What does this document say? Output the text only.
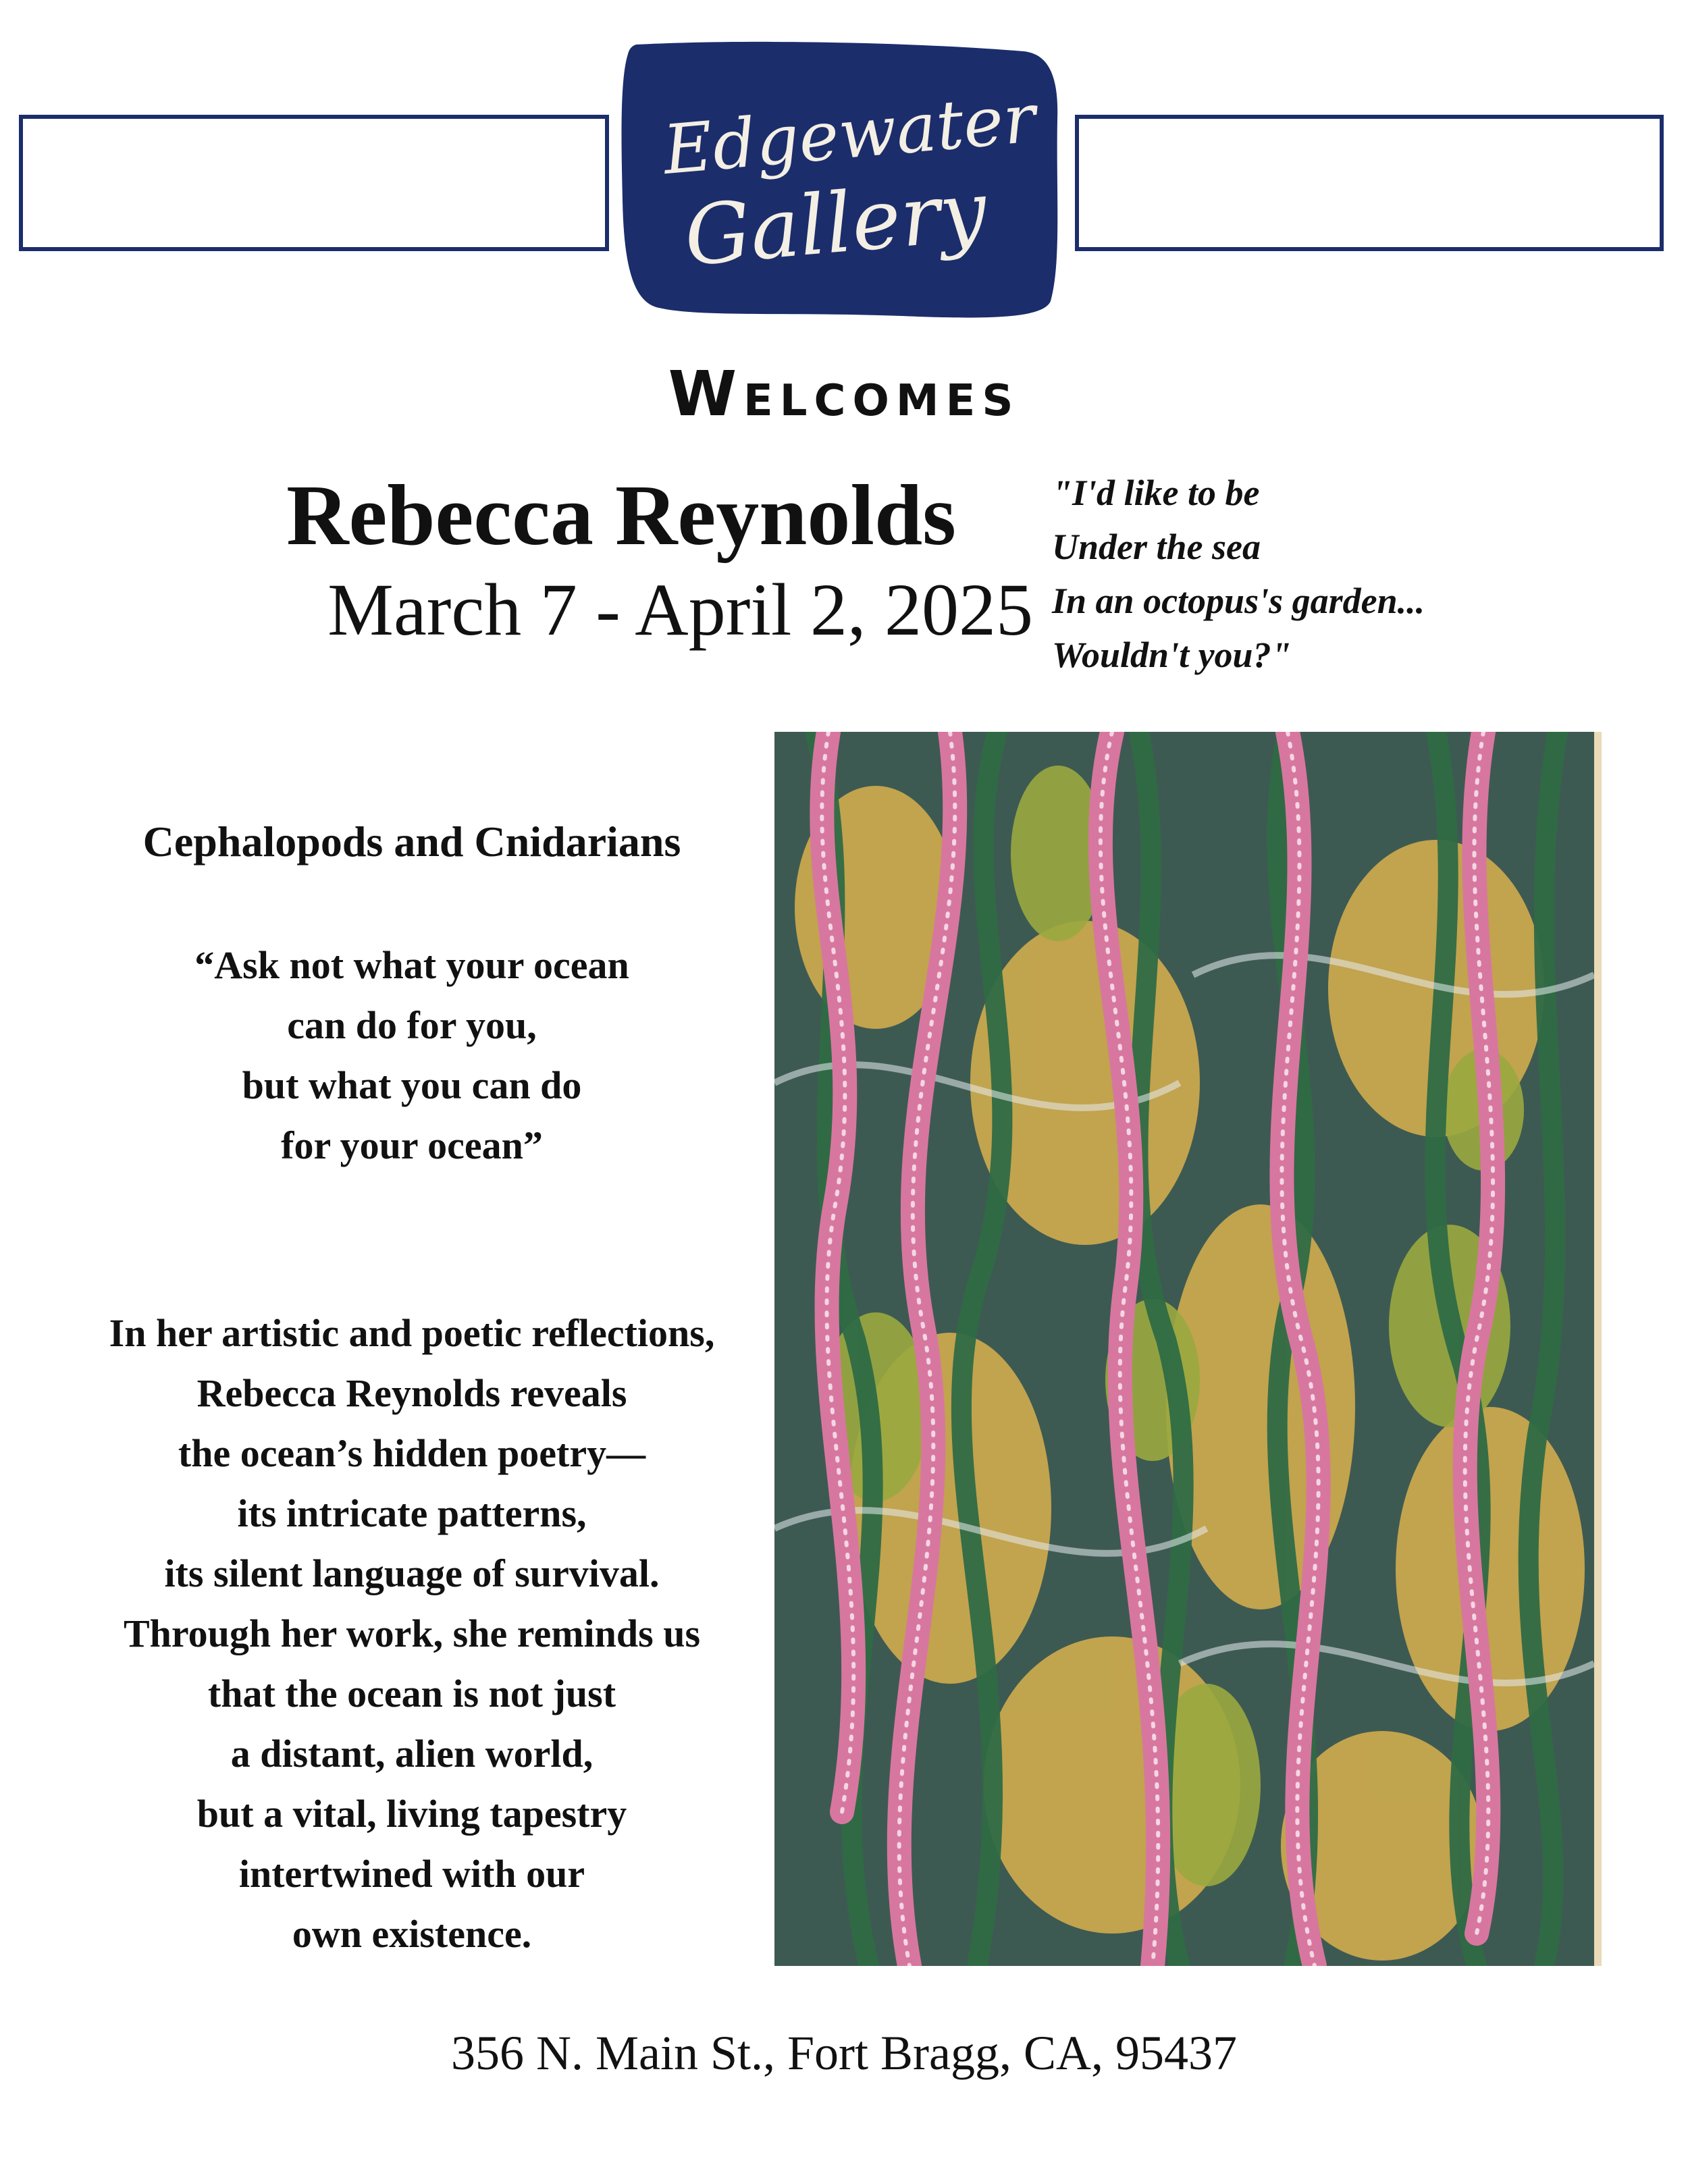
Edgewater
Gallery
Welcomes
Rebecca Reynolds
March 7 - April 2, 2025
"I'd like to be
Under the sea
In an octopus's garden...
Wouldn't you?"
Cephalopods and Cnidarians
“Ask not what your ocean
can do for you,
but what you can do
for your ocean”
In her artistic and poetic reflections,
Rebecca Reynolds reveals
the ocean’s hidden poetry—
its intricate patterns,
its silent language of survival.
Through her work, she reminds us
that the ocean is not just
a distant, alien world,
but a vital, living tapestry
intertwined with our
own existence.
356 N. Main St., Fort Bragg, CA, 95437
